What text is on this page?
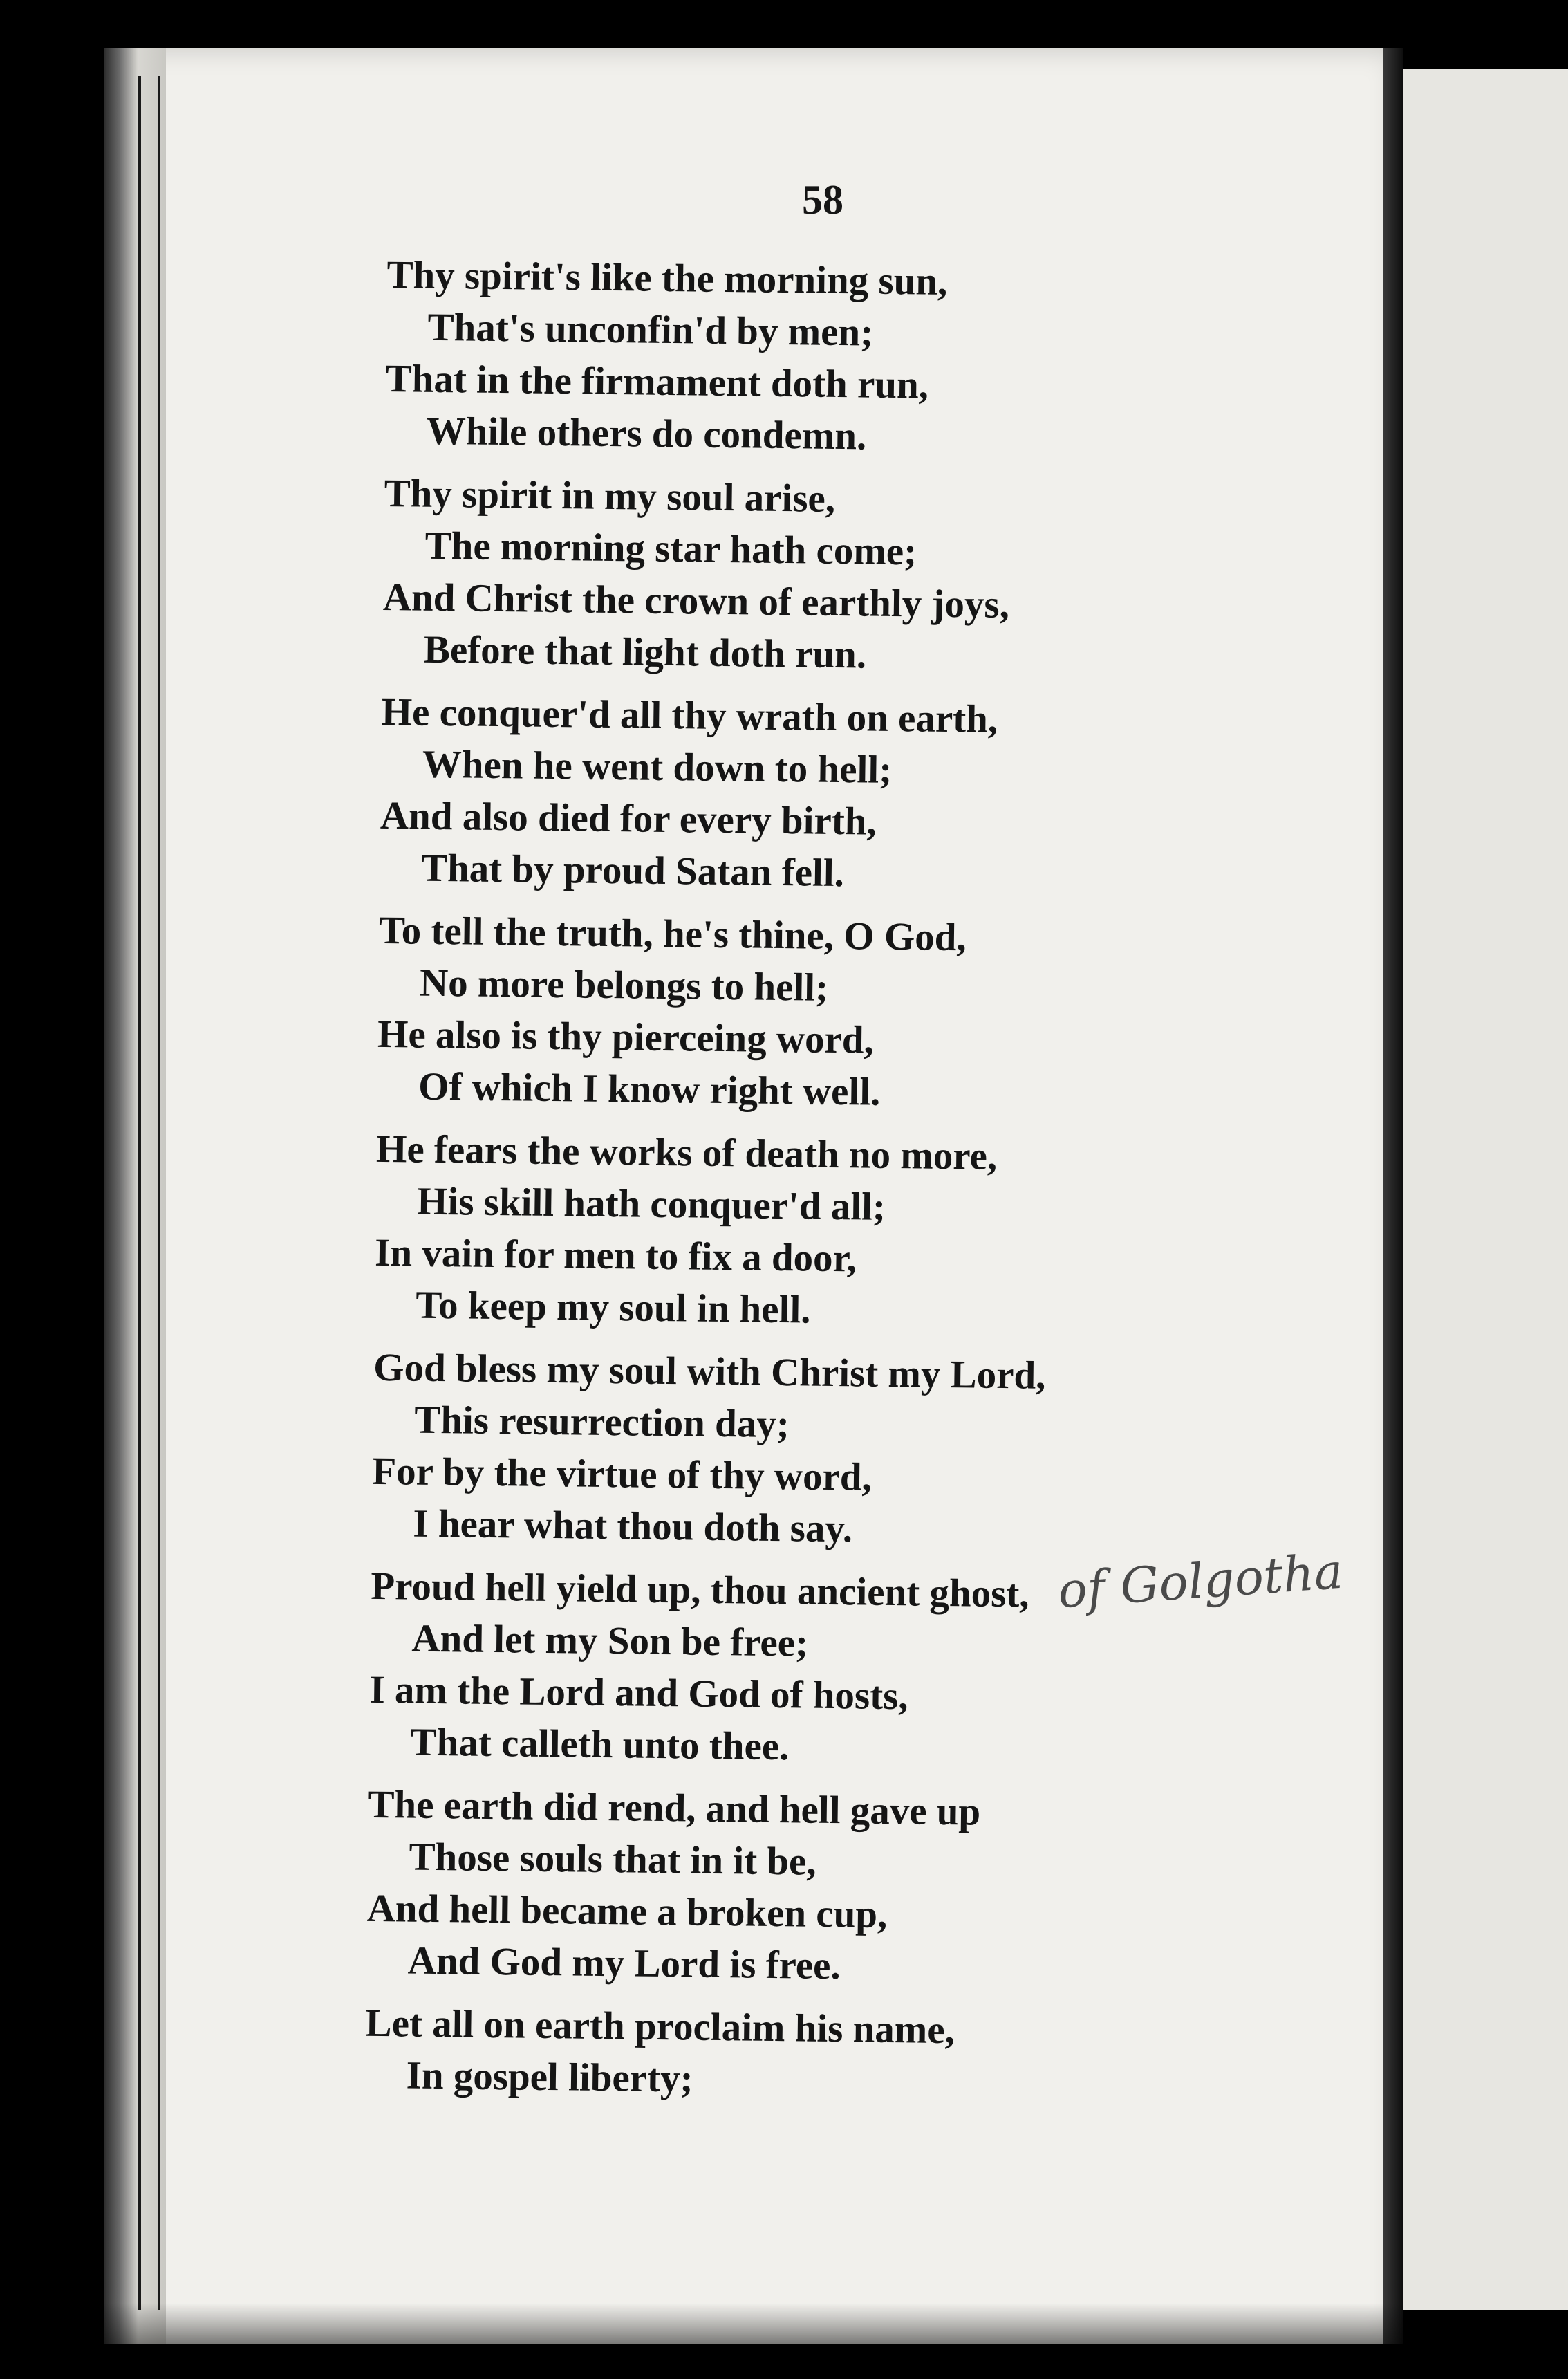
58
Thy spirit's like the morning sun,
That's unconfin'd by men;
That in the firmament doth run,
While others do condemn.
Thy spirit in my soul arise,
The morning star hath come;
And Christ the crown of earthly joys,
Before that light doth run.
He conquer'd all thy wrath on earth,
When he went down to hell;
And also died for every birth,
That by proud Satan fell.
To tell the truth, he's thine, O God,
No more belongs to hell;
He also is thy pierceing word,
Of which I know right well.
He fears the works of death no more,
His skill hath conquer'd all;
In vain for men to fix a door,
To keep my soul in hell.
God bless my soul with Christ my Lord,
This resurrection day;
For by the virtue of thy word,
I hear what thou doth say.
Proud hell yield up, thou ancient ghost,
And let my Son be free;
I am the Lord and God of hosts,
That calleth unto thee.
The earth did rend, and hell gave up
Those souls that in it be,
And hell became a broken cup,
And God my Lord is free.
Let all on earth proclaim his name,
In gospel liberty;
of Golgotha
